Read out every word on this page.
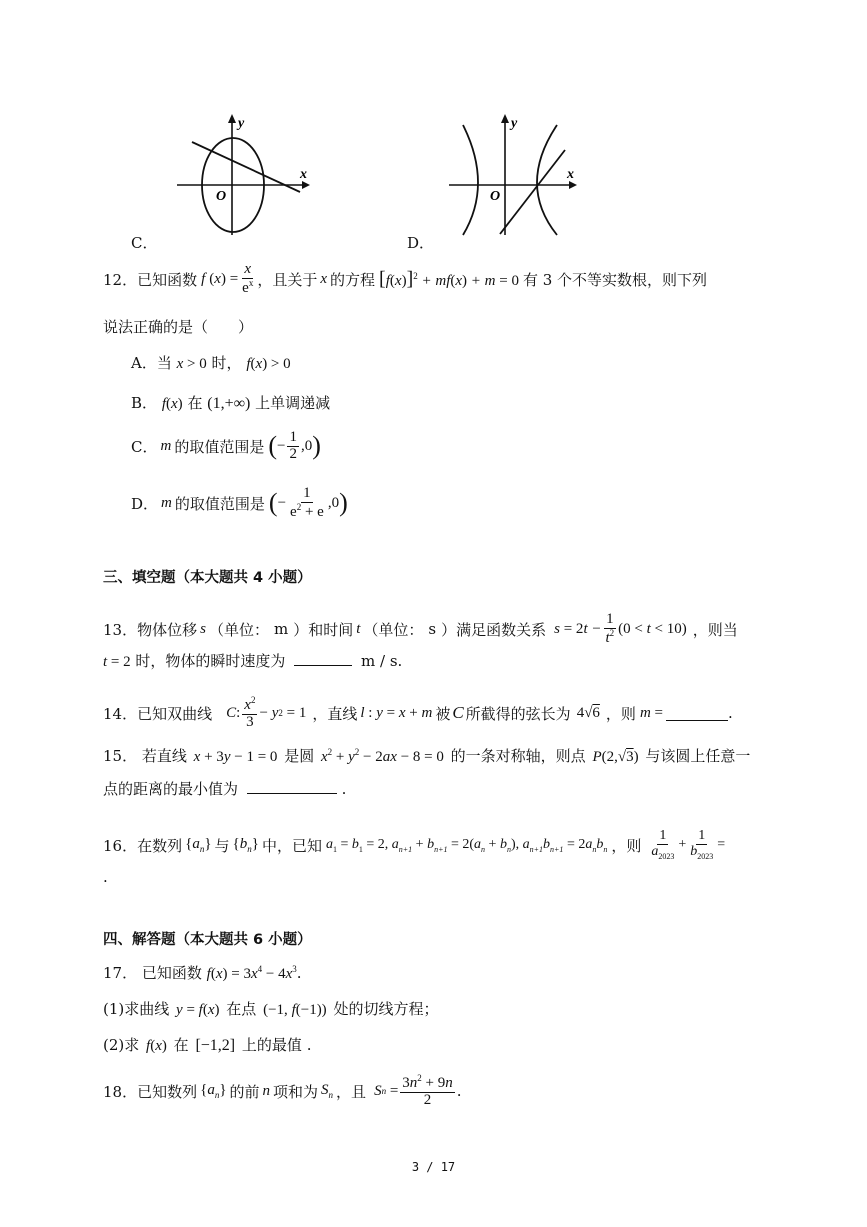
x
y
O
C．
x
y
O
D．
12． 已知函数 f ( x ) = $\frac{x}{e^x}$ ，且关于 x 的方程 $[f(x)]^2 + mf(x) + m = 0$ 有 3 个不等实数根，则下列
说法正确的是（　　）
A．当 x > 0 时， f(x) > 0
B． f(x) 在 (1,+∞) 上单调递减
C． m 的取值范围是 ( − $\frac{1}{2} ,0$ )
D． m 的取值范围是 ( − $\frac{1}{e^2 + e} ,0$ )
三、填空题（本大题共 4 小题）
13． 物体位移 s （单位： m ）和时间 t （单位： s ）满足函数关系 s = 2 $t - \frac{1}{t^2} (0 < t < 10)$ ，则当
t = 2 时，物体的瞬时速度为	m / s.
14． 已知双曲线 C : $\frac{x^2}{3} - y$ 2 = 1 ，直线 l : y = x + m 被 C 所截得的弦长为 4√6 ，则 m =	.
15． 若直线 x + 3y − 1 = 0 是圆 $x^2 + y^2 - 2ax - 8 = 0$ 的一条对称轴，则点 P(2,√3) 与该圆上任意一
点的距离的最小值为	.
16． 在数列 $\{a_n\}$ 与 $\{b_n\}$ 中，已知 $a_1 = b_1 = 2$, $a_{n+1} + b_{n+1} = 2(a_n + b_n)$, $a_{n+1}b_{n+1} = 2a_nb_n$ ，则 $\frac{1}{a_{2023}} + \frac{1}{b_{2023}}$ =
.
四、解答题（本大题共 6 小题）
17． 已知函数 $f(x) = 3x^4 - 4x^3$.
(1)求曲线 y = f(x) 在点 (−1, f(−1)) 处的切线方程；
(2)求 f(x) 在 [−1,2] 上的最值 .
18． 已知数列 $\{a_n\}$ 的前 n 项和为 $S_n$ ，且 S $n = \frac{3n^2 + 9n}{2}$ .
3 / 17
